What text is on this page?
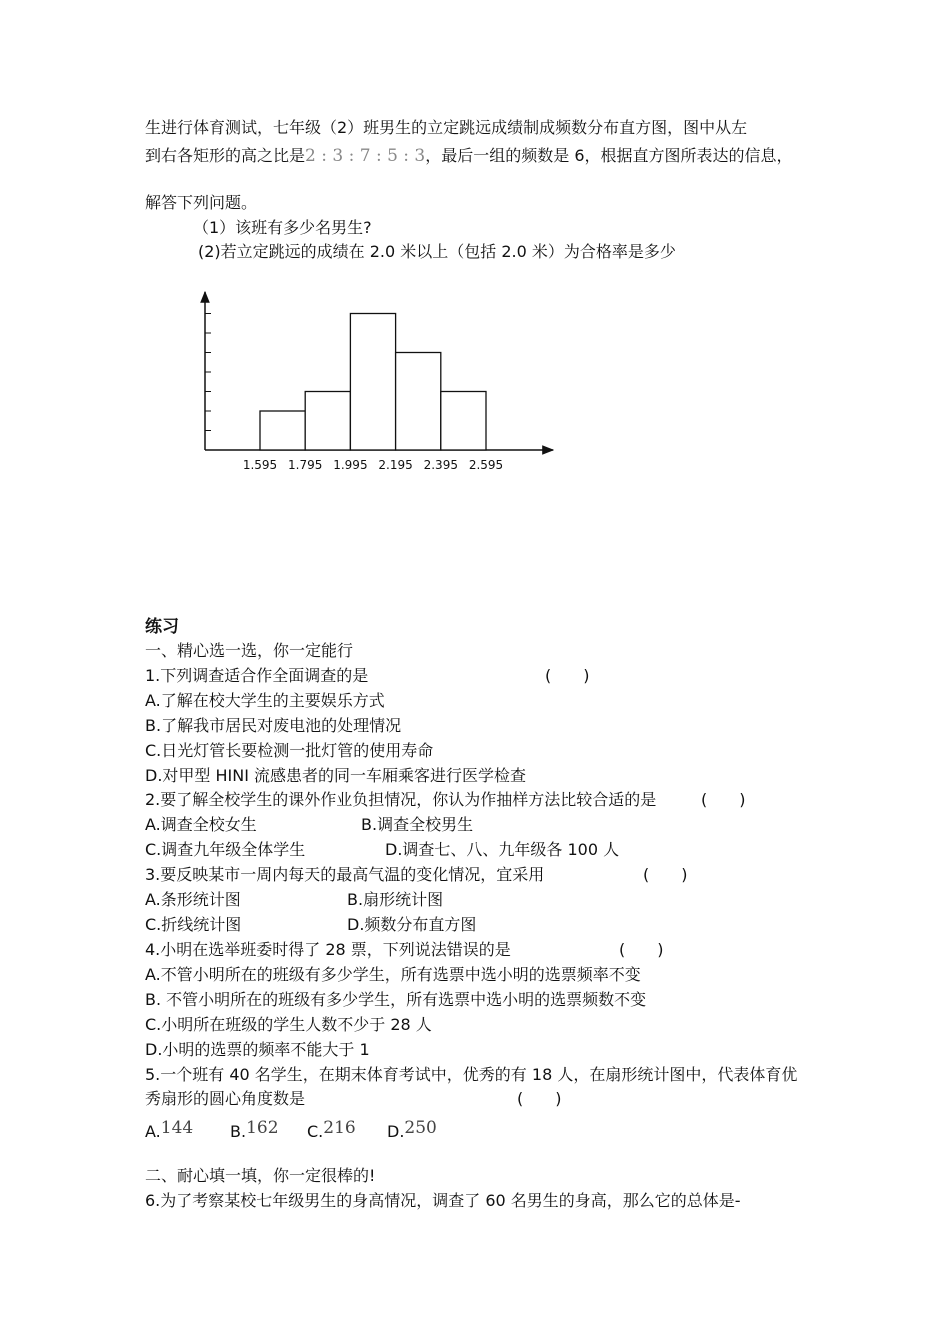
生进行体育测试，七年级（2）班男生的立定跳远成绩制成频数分布直方图，图中从左
到右各矩形的高之比是2 : 3 : 7 : 5 : 3，最后一组的频数是 6，根据直方图所表达的信息，
解答下列问题。
（1）该班有多少名男生?
(2)若立定跳远的成绩在 2.0 米以上（包括 2.0 米）为合格率是多少
1.595 1.795 1.995 2.195 2.395 2.595
练习
一、精心选一选，你一定能行
1.下列调查适合作全面调查的是	(　　)
A.了解在校大学生的主要娱乐方式
B.了解我市居民对废电池的处理情况
C.日光灯管长要检测一批灯管的使用寿命
D.对甲型 HINI 流感患者的同一车厢乘客进行医学检查
2.要了解全校学生的课外作业负担情况，你认为作抽样方法比较合适的是	(　　)
A.调查全校女生	B.调查全校男生
C.调查九年级全体学生	D.调查七、八、九年级各 100 人
3.要反映某市一周内每天的最高气温的变化情况，宜采用	(　　)
A.条形统计图	B.扇形统计图
C.折线统计图	D.频数分布直方图
4.小明在选举班委时得了 28 票，下列说法错误的是	(　　)
A.不管小明所在的班级有多少学生，所有选票中选小明的选票频率不变
B. 不管小明所在的班级有多少学生，所有选票中选小明的选票频数不变
C.小明所在班级的学生人数不少于 28 人
D.小明的选票的频率不能大于 1
5.一个班有 40 名学生，在期末体育考试中，优秀的有 18 人，在扇形统计图中，代表体育优
秀扇形的圆心角度数是	(　　)
A.144 B.162 C.216 D.250
二、耐心填一填，你一定很棒的!
6.为了考察某校七年级男生的身高情况，调查了 60 名男生的身高，那么它的总体是-
